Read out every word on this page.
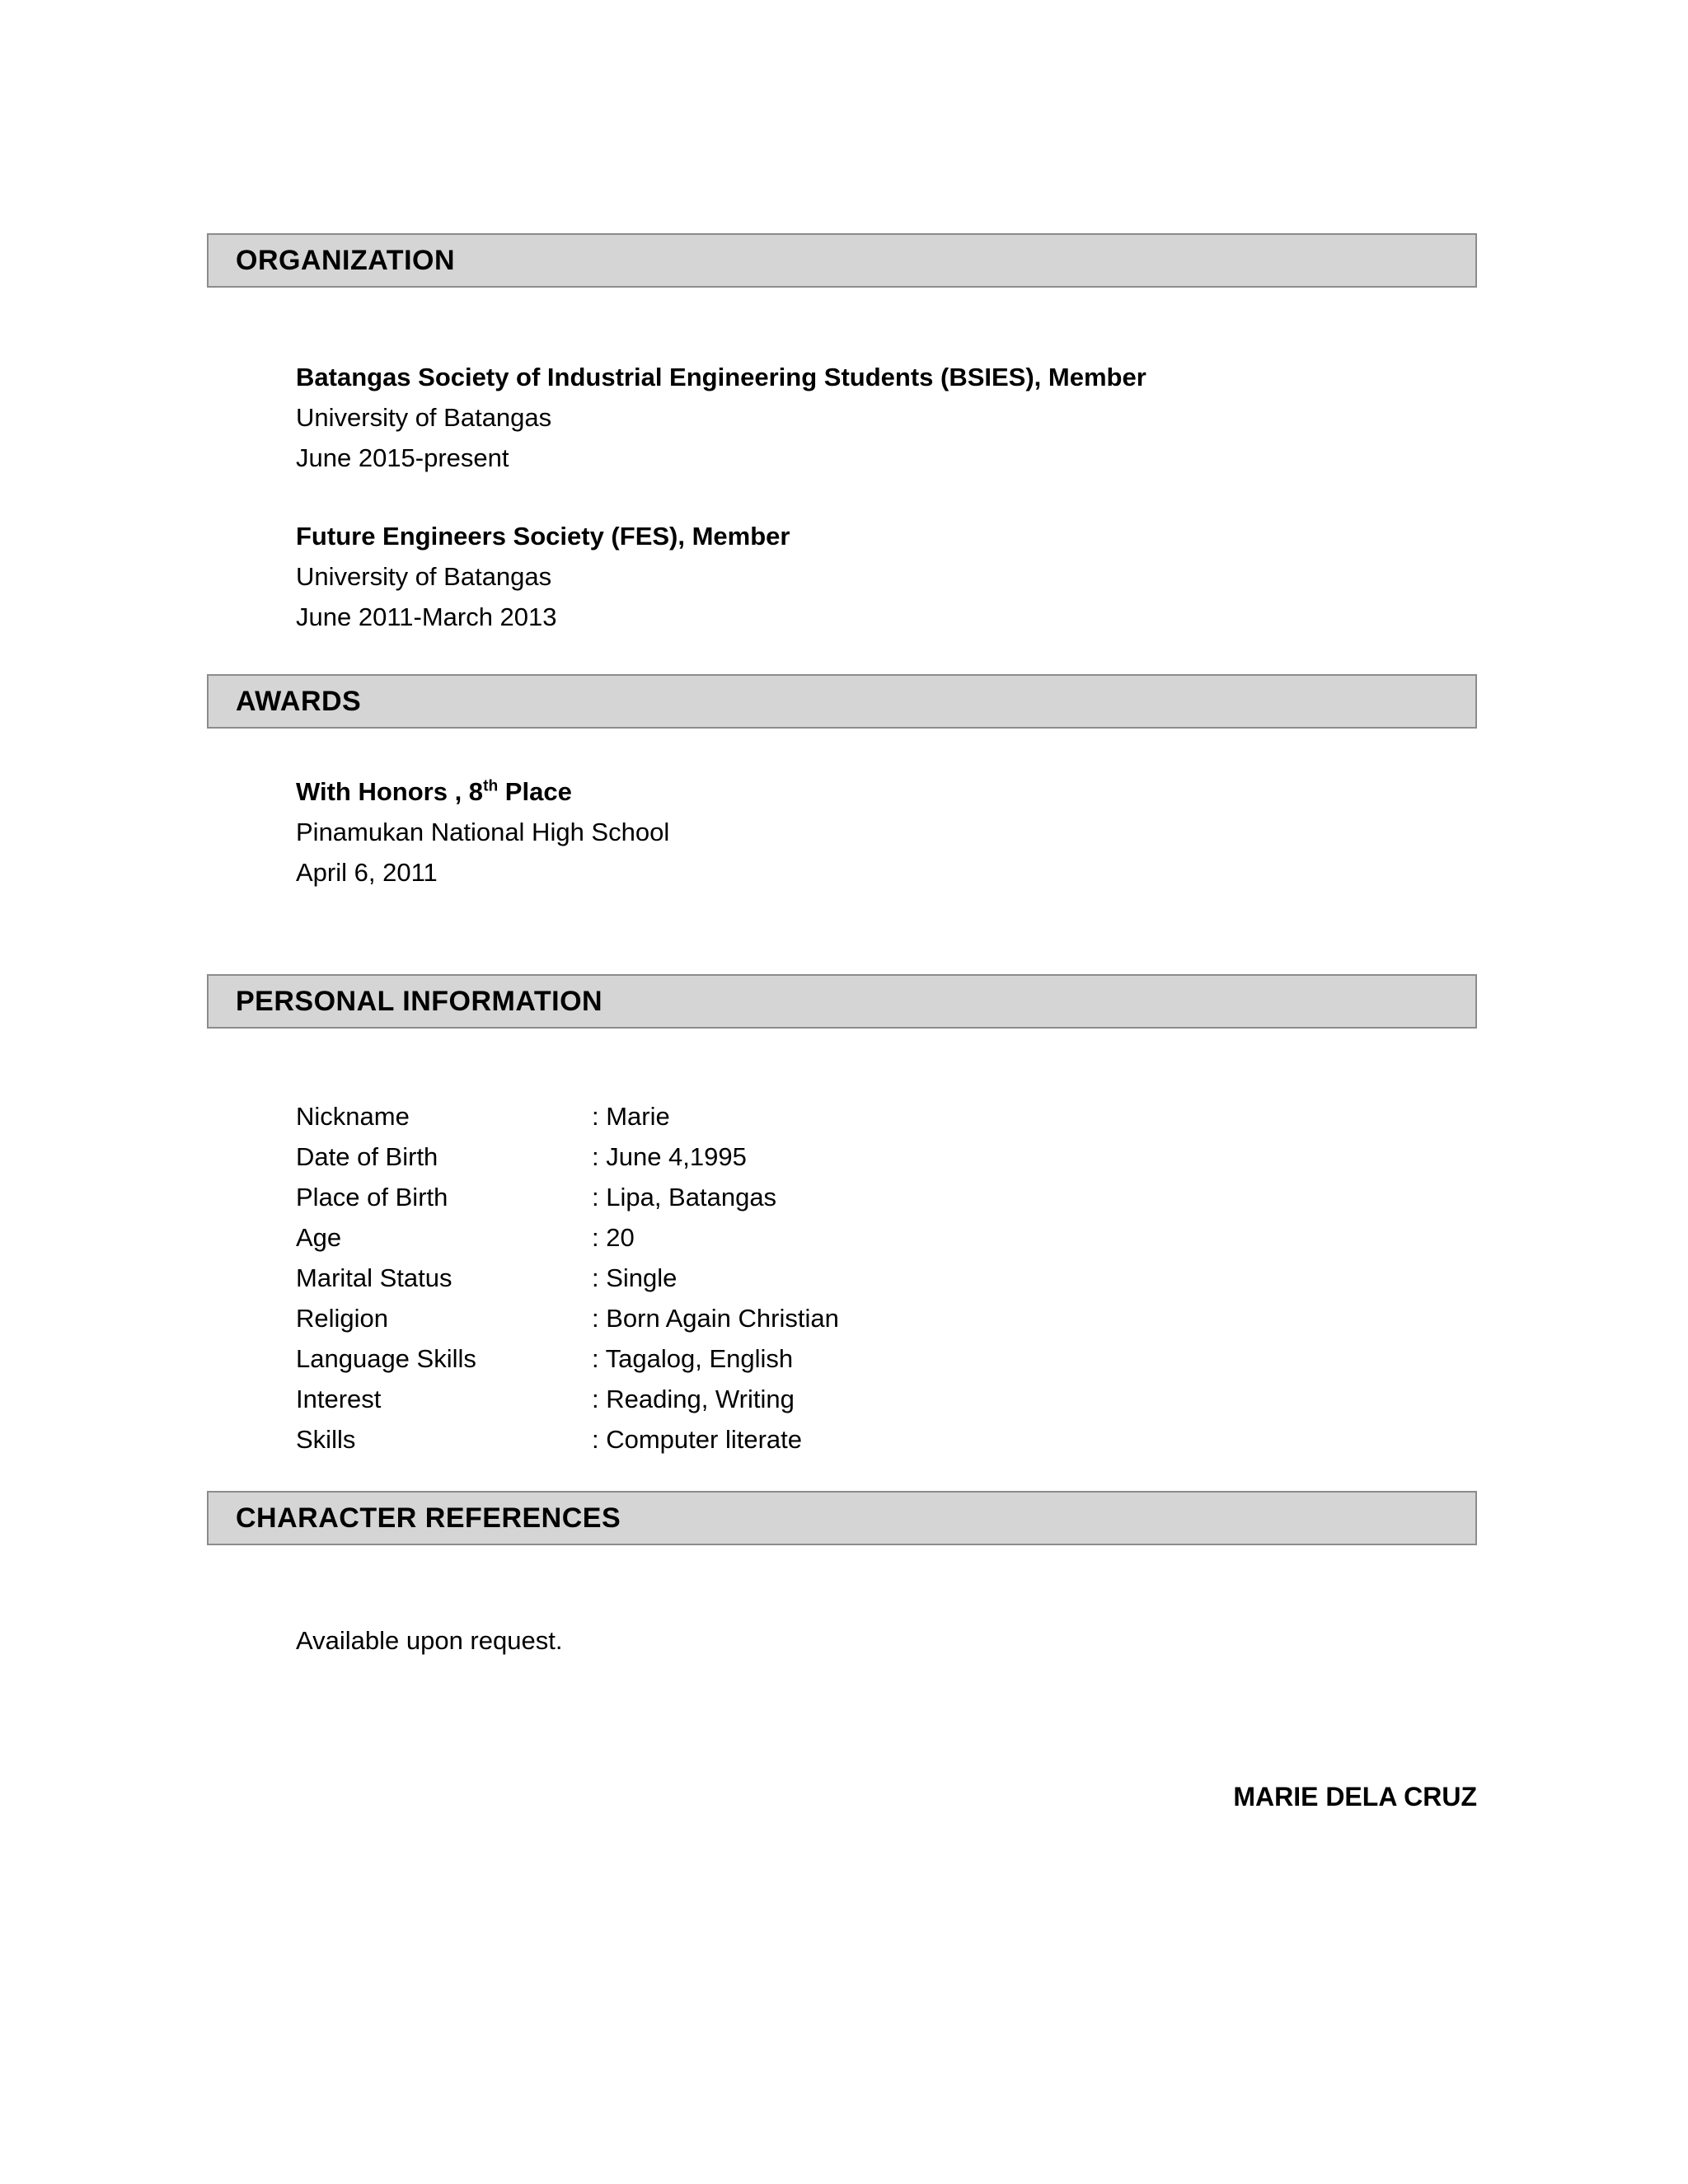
ORGANIZATION

Batangas Society of Industrial Engineering Students (BSIES), Member

University of Batangas

June 2015-present

Future Engineers Society (FES), Member

University of Batangas

June 2011-March 2013

AWARDS

With Honors , 8th Place

Pinamukan National High School

April 6, 2011

PERSONAL INFORMATION
Nickname	: Marie
Date of Birth	: June 4,1995
Place of Birth	: Lipa, Batangas
Age	: 20
Marital Status	: Single
Religion	: Born Again Christian
Language Skills	: Tagalog, English
Interest	: Reading, Writing
Skills	: Computer literate
CHARACTER REFERENCES

Available upon request.

MARIE DELA CRUZ
